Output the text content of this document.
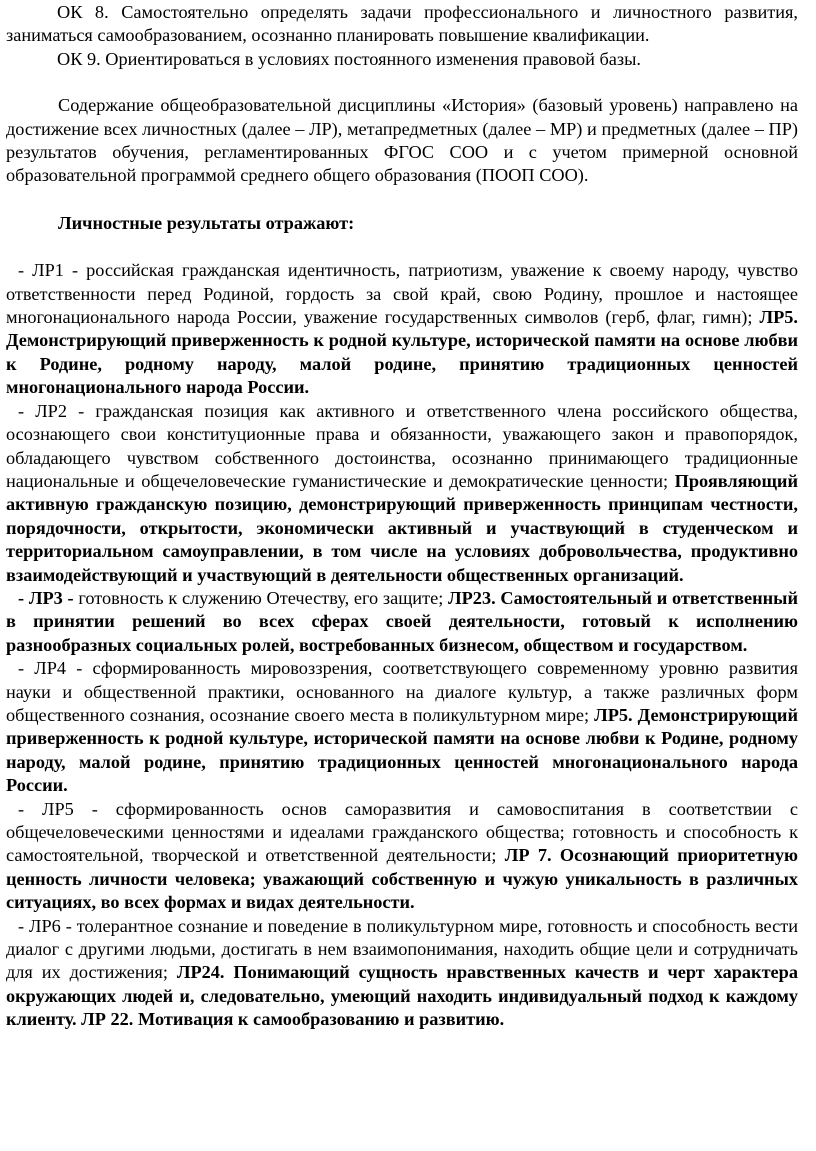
ОК 8. Самостоятельно определять задачи профессионального и личностного развития, заниматься самообразованием, осознанно планировать повышение квалификации.

ОК 9. Ориентироваться в условиях постоянного изменения правовой базы.

Содержание общеобразовательной дисциплины «История» (базовый уровень) направлено на достижение всех личностных (далее – ЛР), метапредметных (далее – МР) и предметных (далее – ПР) результатов обучения, регламентированных ФГОС СОО и с учетом примерной основной образовательной программой среднего общего образования (ПООП СОО).

Личностные результаты отражают:

- ЛР1 - российская гражданская идентичность, патриотизм, уважение к своему народу, чувство ответственности перед Родиной, гордость за свой край, свою Родину, прошлое и настоящее многонационального народа России, уважение государственных символов (герб, флаг, гимн); ЛР5. Демонстрирующий приверженность к родной культуре, исторической памяти на основе любви к Родине, родному народу, малой родине, принятию традиционных ценностей многонационального народа России.

- ЛР2 - гражданская позиция как активного и ответственного члена российского общества, осознающего свои конституционные права и обязанности, уважающего закон и правопорядок, обладающего чувством собственного достоинства, осознанно принимающего традиционные национальные и общечеловеческие гуманистические и демократические ценности; Проявляющий активную гражданскую позицию, демонстрирующий приверженность принципам честности, порядочности, открытости, экономически активный и участвующий в студенческом и территориальном самоуправлении, в том числе на условиях добровольчества, продуктивно взаимодействующий и участвующий в деятельности общественных организаций.

- ЛР3 - готовность к служению Отечеству, его защите; ЛР23. Самостоятельный и ответственный в принятии решений во всех сферах своей деятельности, готовый к исполнению разнообразных социальных ролей, востребованных бизнесом, обществом и государством.

- ЛР4 - сформированность мировоззрения, соответствующего современному уровню развития науки и общественной практики, основанного на диалоге культур, а также различных форм общественного сознания, осознание своего места в поликультурном мире; ЛР5. Демонстрирующий приверженность к родной культуре, исторической памяти на основе любви к Родине, родному народу, малой родине, принятию традиционных ценностей многонационального народа России.

- ЛР5 - сформированность основ саморазвития и самовоспитания в соответствии с общечеловеческими ценностями и идеалами гражданского общества; готовность и способность к самостоятельной, творческой и ответственной деятельности; ЛР 7. Осознающий приоритетную ценность личности человека; уважающий собственную и чужую уникальность в различных ситуациях, во всех формах и видах деятельности.

- ЛР6 - толерантное сознание и поведение в поликультурном мире, готовность и способность вести диалог с другими людьми, достигать в нем взаимопонимания, находить общие цели и сотрудничать для их достижения; ЛР24. Понимающий сущность нравственных качеств и черт характера окружающих людей и, следовательно, умеющий находить индивидуальный подход к каждому клиенту. ЛР 22. Мотивация к самообразованию и развитию.
